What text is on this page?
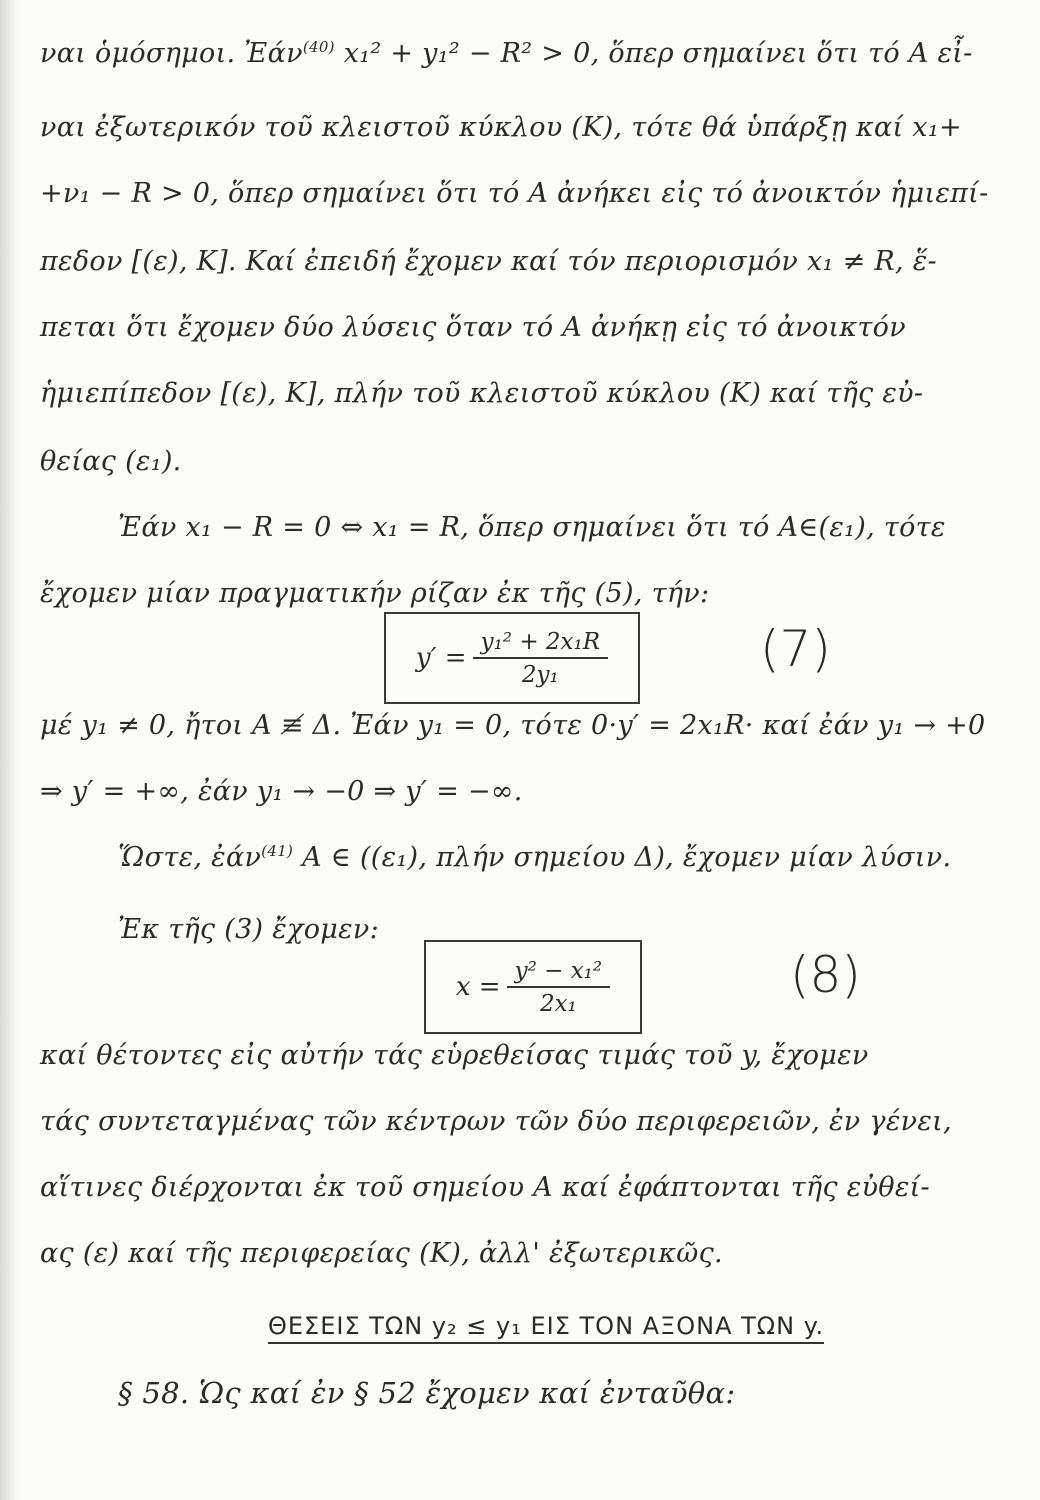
ναι ὁμόσημοι. Ἐάν$^{(40)}$ x₁² + y₁² − R² > 0, ὅπερ σημαίνει ὅτι τό A εἶ-
ναι ἐξωτερικόν τοῦ κλειστοῦ κύκλου (K), τότε θά ὑπάρξῃ καί x₁+
+ν₁ − R > 0, ὅπερ σημαίνει ὅτι τό A ἀνήκει εἰς τό ἀνοικτόν ἡμιεπί-
πεδον [(ε), K]. Καί ἐπειδή ἔχομεν καί τόν περιορισμόν x₁ ≠ R, ἕ-
πεται ὅτι ἔχομεν δύο λύσεις ὅταν τό A ἀνήκῃ εἰς τό ἀνοικτόν
ἡμιεπίπεδον [(ε), K], πλήν τοῦ κλειστοῦ κύκλου (K) καί τῆς εὐ-
θείας (ε₁).
Ἐάν x₁ − R = 0 ⇔ x₁ = R, ὅπερ σημαίνει ὅτι τό A∈(ε₁), τότε
ἔχομεν μίαν πραγματικήν ρίζαν ἐκ τῆς (5), τήν:
$y' = \frac{\text{y₁² + 2x₁R}}{\text{2y₁}}$	(7)
μέ y₁ ≠ 0, ἤτοι A ≢ Δ. Ἐάν y₁ = 0, τότε 0·y′ = 2x₁R· καί ἐάν y₁ → +0
⇒ y′ = +∞, ἐάν y₁ → −0 ⇒ y′ = −∞.
Ὥστε, ἐάν$^{(41)}$ A ∈ ((ε₁), πλήν σημείου Δ), ἔχομεν μίαν λύσιν.
Ἐκ τῆς (3) ἔχομεν:
$x = \frac{\text{y² − x₁²}}{\text{2x₁}}$	(8)
καί θέτοντες εἰς αὐτήν τάς εὑρεθείσας τιμάς τοῦ y, ἔχομεν
τάς συντεταγμένας τῶν κέντρων τῶν δύο περιφερειῶν, ἐν γένει,
αἵτινες διέρχονται ἐκ τοῦ σημείου A καί ἐφάπτονται τῆς εὐθεί-
ας (ε) καί τῆς περιφερείας (K), ἀλλ' ἐξωτερικῶς.
ΘΕΣΕΙΣ ΤΩΝ y₂ ≤ y₁ ΕΙΣ ΤΟΝ ΑΞΟΝΑ ΤΩΝ y.
§ 58. Ὡς καί ἐν § 52 ἔχομεν καί ἐνταῦθα:
